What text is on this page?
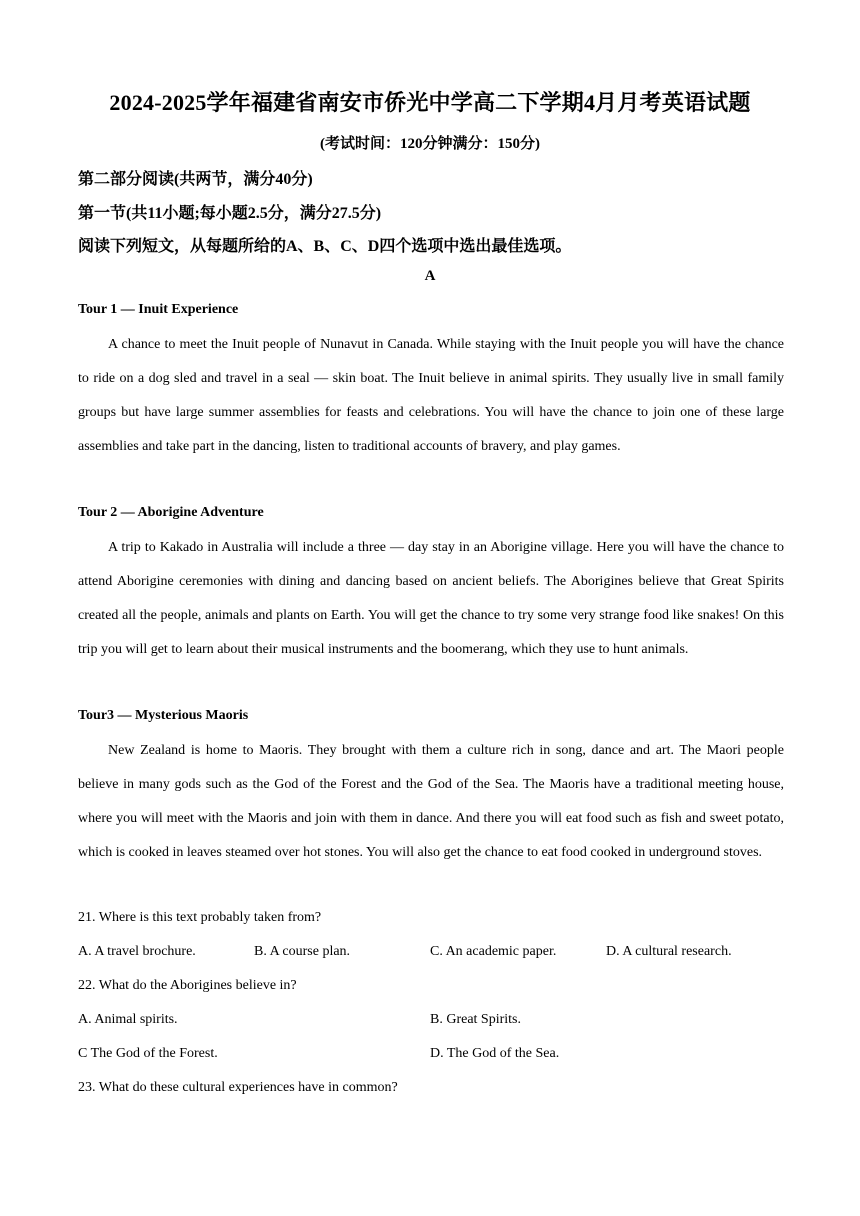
2024-2025学年福建省南安市侨光中学高二下学期4月月考英语试题
(考试时间：120分钟满分：150分)
第二部分阅读(共两节，满分40分)
第一节(共11小题;每小题2.5分，满分27.5分)
阅读下列短文，从每题所给的A、B、C、D四个选项中选出最佳选项。
A
Tour 1 — Inuit Experience

A chance to meet the Inuit people of Nunavut in Canada. While staying with the Inuit people you will have the chance to ride on a dog sled and travel in a seal — skin boat. The Inuit believe in animal spirits. They usually live in small family groups but have large summer assemblies for feasts and celebrations. You will have the chance to join one of these large assemblies and take part in the dancing, listen to traditional accounts of bravery, and play games.

Tour 2 — Aborigine Adventure

A trip to Kakado in Australia will include a three — day stay in an Aborigine village. Here you will have the chance to attend Aborigine ceremonies with dining and dancing based on ancient beliefs. The Aborigines believe that Great Spirits created all the people, animals and plants on Earth. You will get the chance to try some very strange food like snakes! On this trip you will get to learn about their musical instruments and the boomerang, which they use to hunt animals.

Tour3 — Mysterious Maoris

New Zealand is home to Maoris. They brought with them a culture rich in song, dance and art. The Maori people believe in many gods such as the God of the Forest and the God of the Sea. The Maoris have a traditional meeting house, where you will meet with the Maoris and join with them in dance. And there you will eat food such as fish and sweet potato, which is cooked in leaves steamed over hot stones. You will also get the chance to eat food cooked in underground stoves.

21. Where is this text probably taken from?
A. A travel brochure.	B. A course plan.	C. An academic paper.	D. A cultural research.
22. What do the Aborigines believe in?
A. Animal spirits.	B. Great Spirits.
C The God of the Forest.	D. The God of the Sea.
23. What do these cultural experiences have in common?
